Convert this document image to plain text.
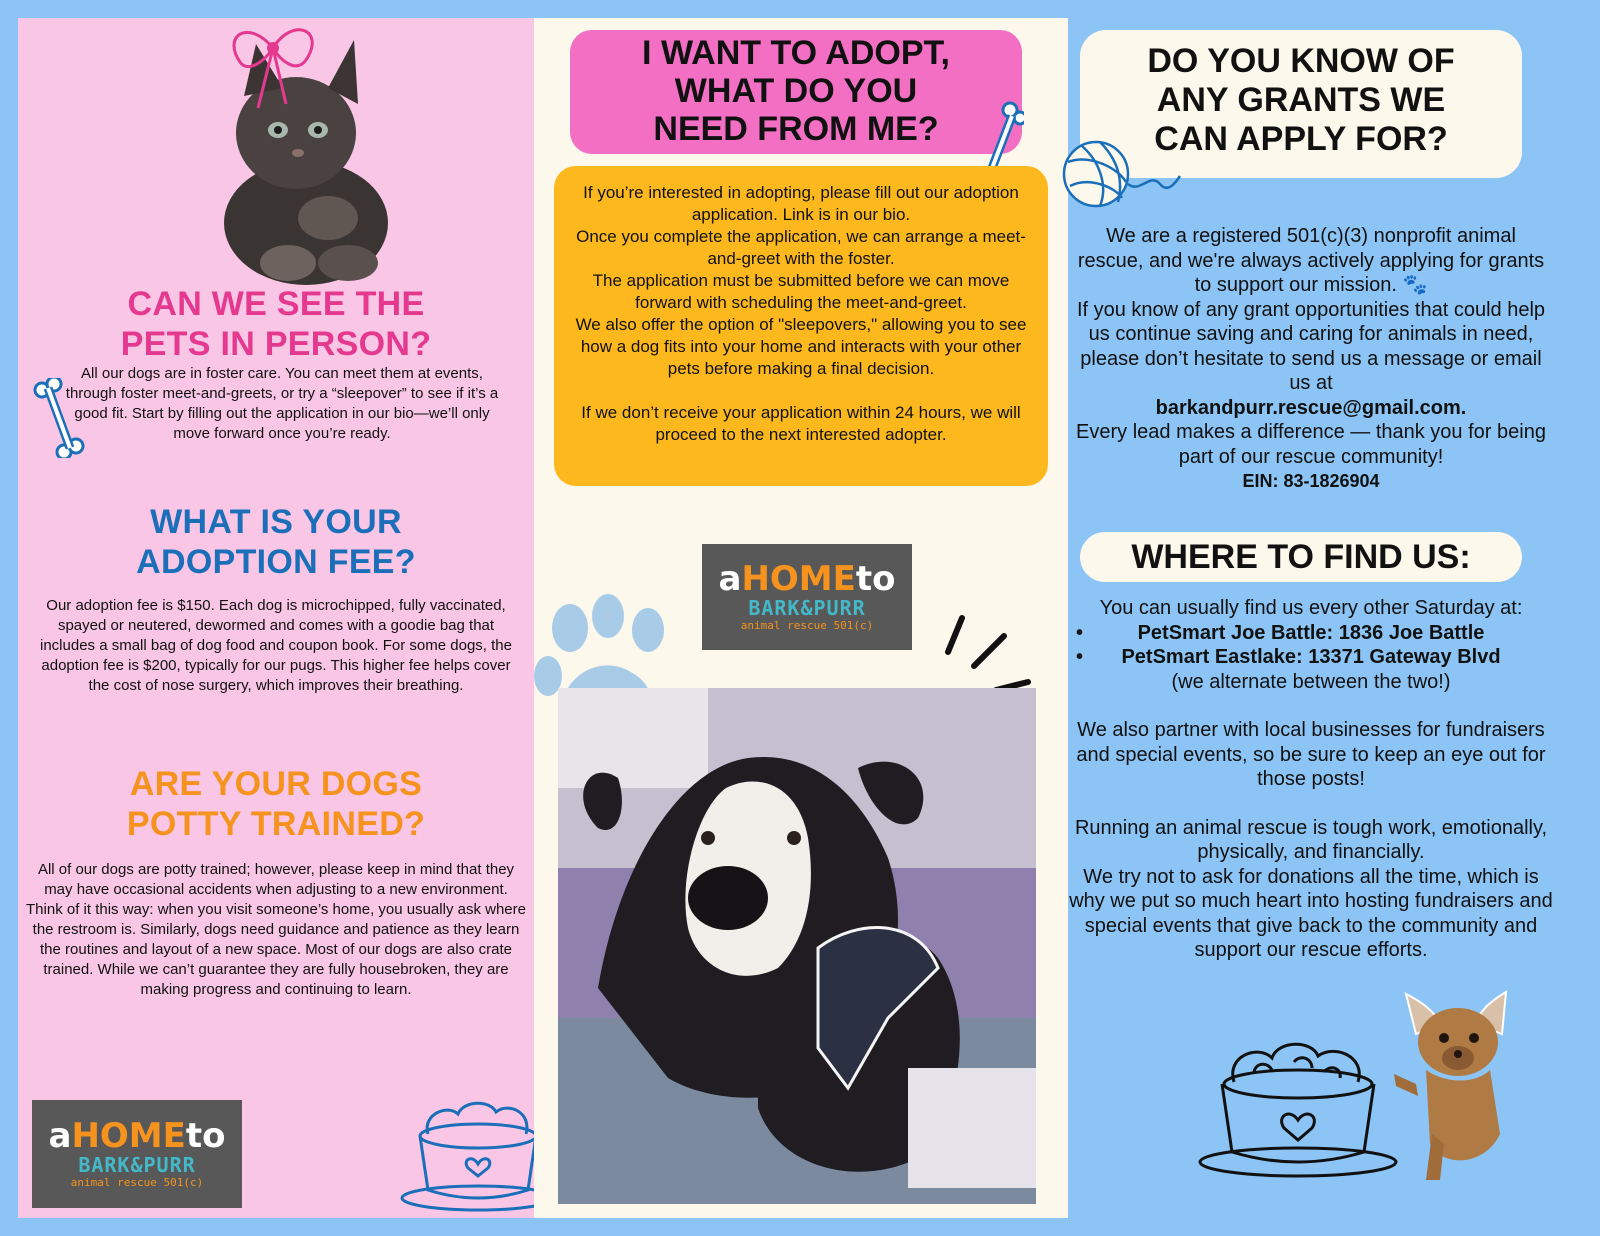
CAN WE SEE THE
PETS IN PERSON?

All our dogs are in foster care. You can meet them at events, through foster meet-and-greets, or try a “sleepover” to see if it’s a good fit. Start by filling out the application in our bio—we’ll only move forward once you’re ready.

WHAT IS YOUR
ADOPTION FEE?

Our adoption fee is $150. Each dog is microchipped, fully vaccinated, spayed or neutered, dewormed and comes with a goodie bag that includes a small bag of dog food and coupon book. For some dogs, the adoption fee is $200, typically for our pugs. This higher fee helps cover the cost of nose surgery, which improves their breathing.

ARE YOUR DOGS
POTTY TRAINED?

All of our dogs are potty trained; however, please keep in mind that they may have occasional accidents when adjusting to a new environment. Think of it this way: when you visit someone’s home, you usually ask where the restroom is. Similarly, dogs need guidance and patience as they learn the routines and layout of a new space. Most of our dogs are also crate trained. While we can’t guarantee they are fully housebroken, they are making progress and continuing to learn.

aHOMEto
BARK&PURR
animal rescue 501(c)
I WANT TO ADOPT,
WHAT DO YOU
NEED FROM ME?

If you’re interested in adopting, please fill out our adoption application. Link is in our bio.

Once you complete the application, we can arrange a meet-and-greet with the foster.

The application must be submitted before we can move forward with scheduling the meet-and-greet.

We also offer the option of "sleepovers," allowing you to see how a dog fits into your home and interacts with your other pets before making a final decision.

If we don’t receive your application within 24 hours, we will proceed to the next interested adopter.

aHOMEto
BARK&PURR
animal rescue 501(c)
DO YOU KNOW OF
ANY GRANTS WE
CAN APPLY FOR?

We are a registered 501(c)(3) nonprofit animal rescue, and we're always actively applying for grants to support our mission. 🐾

If you know of any grant opportunities that could help us continue saving and caring for animals in need, please don’t hesitate to send us a message or email us at

barkandpurr.rescue@gmail.com.

Every lead makes a difference — thank you for being part of our rescue community!

EIN: 83-1826904

WHERE TO FIND US:

You can usually find us every other Saturday at:

• PetSmart Joe Battle: 1836 Joe Battle
• PetSmart Eastlake: 13371 Gateway Blvd

(we alternate between the two!)

We also partner with local businesses for fundraisers and special events, so be sure to keep an eye out for those posts!

Running an animal rescue is tough work, emotionally, physically, and financially.

We try not to ask for donations all the time, which is why we put so much heart into hosting fundraisers and special events that give back to the community and support our rescue efforts.
